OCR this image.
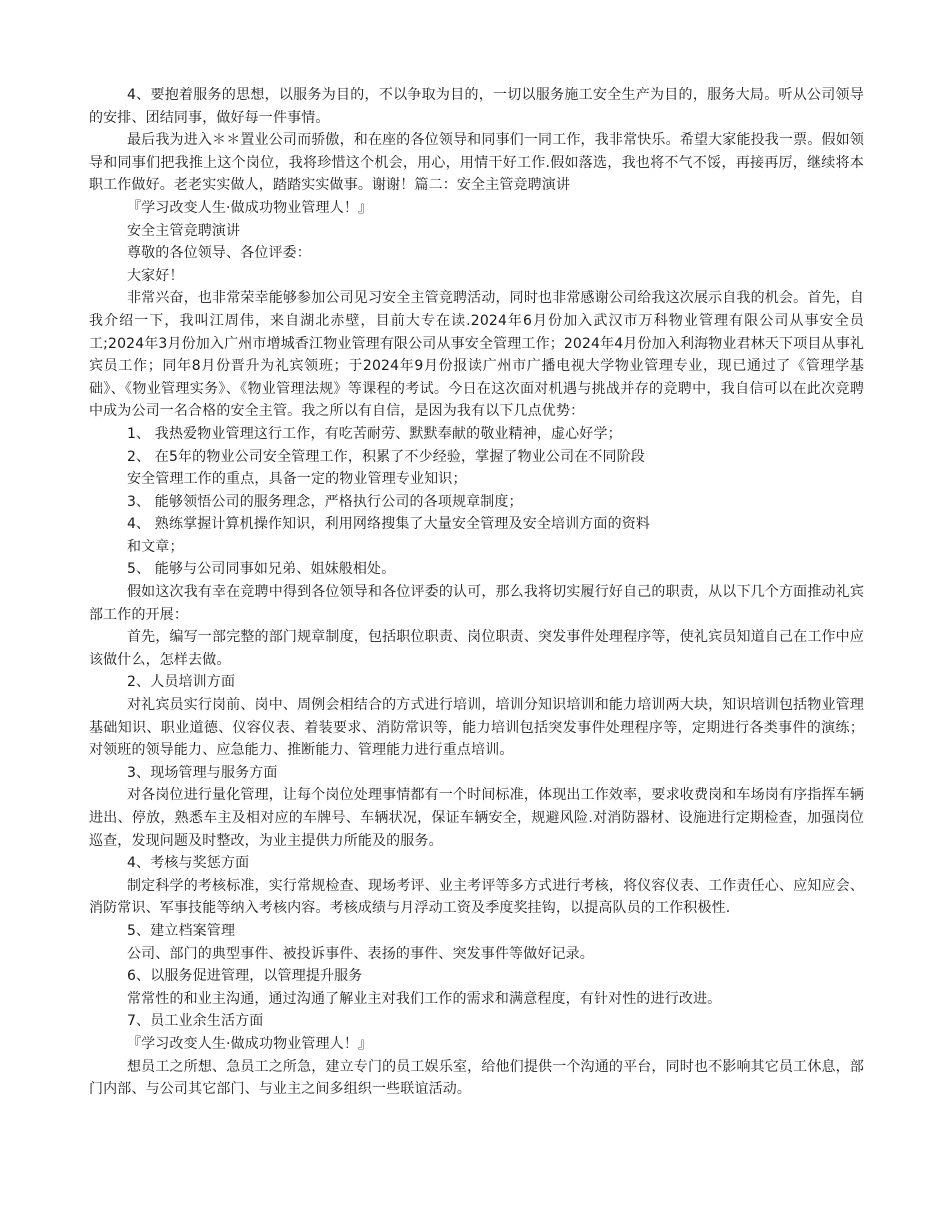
4、要抱着服务的思想，以服务为目的，不以争取为目的，一切以服务施工安全生产为目的，服务大局。听从公司领导的安排、团结同事，做好每一件事情。

最后我为进入＊＊置业公司而骄傲，和在座的各位领导和同事们一同工作，我非常快乐。希望大家能投我一票。假如领导和同事们把我推上这个岗位，我将珍惜这个机会，用心，用情干好工作.假如落选，我也将不气不馁，再接再厉，继续将本职工作做好。老老实实做人，踏踏实实做事。谢谢！篇二：安全主管竞聘演讲

『学习改变人生·做成功物业管理人！』

安全主管竞聘演讲

尊敬的各位领导、各位评委：

大家好！

非常兴奋，也非常荣幸能够参加公司见习安全主管竞聘活动，同时也非常感谢公司给我这次展示自我的机会。首先，自我介绍一下，我叫江周伟，来自湖北赤壁，目前大专在读.2024年6月份加入武汉市万科物业管理有限公司从事安全员工;2024年3月份加入广州市增城香江物业管理有限公司从事安全管理工作；2024年4月份加入利海物业君林天下项目从事礼宾员工作；同年8月份晋升为礼宾领班；于2024年9月份报读广州市广播电视大学物业管理专业，现已通过了《管理学基础》、《物业管理实务》、《物业管理法规》等课程的考试。今日在这次面对机遇与挑战并存的竞聘中，我自信可以在此次竞聘中成为公司一名合格的安全主管。我之所以有自信，是因为我有以下几点优势：

1、 我热爱物业管理这行工作，有吃苦耐劳、默默奉献的敬业精神，虚心好学；

2、 在5年的物业公司安全管理工作，积累了不少经验，掌握了物业公司在不同阶段

安全管理工作的重点，具备一定的物业管理专业知识；

3、 能够领悟公司的服务理念，严格执行公司的各项规章制度；

4、 熟练掌握计算机操作知识，利用网络搜集了大量安全管理及安全培训方面的资料

和文章；

5、 能够与公司同事如兄弟、姐妹般相处。

假如这次我有幸在竞聘中得到各位领导和各位评委的认可，那么我将切实履行好自己的职责，从以下几个方面推动礼宾部工作的开展：

首先，编写一部完整的部门规章制度，包括职位职责、岗位职责、突发事件处理程序等，使礼宾员知道自己在工作中应该做什么，怎样去做。

2、人员培训方面

对礼宾员实行岗前、岗中、周例会相结合的方式进行培训，培训分知识培训和能力培训两大块，知识培训包括物业管理基础知识、职业道德、仪容仪表、着装要求、消防常识等，能力培训包括突发事件处理程序等，定期进行各类事件的演练；对领班的领导能力、应急能力、推断能力、管理能力进行重点培训。

3、现场管理与服务方面

对各岗位进行量化管理，让每个岗位处理事情都有一个时间标准，体现出工作效率，要求收费岗和车场岗有序指挥车辆进出、停放，熟悉车主及相对应的车牌号、车辆状况，保证车辆安全，规避风险.对消防器材、设施进行定期检查，加强岗位巡查，发现问题及时整改，为业主提供力所能及的服务。

4、考核与奖惩方面

制定科学的考核标准，实行常规检查、现场考评、业主考评等多方式进行考核，将仪容仪表、工作责任心、应知应会、消防常识、军事技能等纳入考核内容。考核成绩与月浮动工资及季度奖挂钩，以提高队员的工作积极性.

5、建立档案管理

公司、部门的典型事件、被投诉事件、表扬的事件、突发事件等做好记录。

6、以服务促进管理，以管理提升服务

常常性的和业主沟通，通过沟通了解业主对我们工作的需求和满意程度，有针对性的进行改进。

7、员工业余生活方面

『学习改变人生·做成功物业管理人！』

想员工之所想、急员工之所急，建立专门的员工娱乐室，给他们提供一个沟通的平台，同时也不影响其它员工休息，部门内部、与公司其它部门、与业主之间多组织一些联谊活动。
